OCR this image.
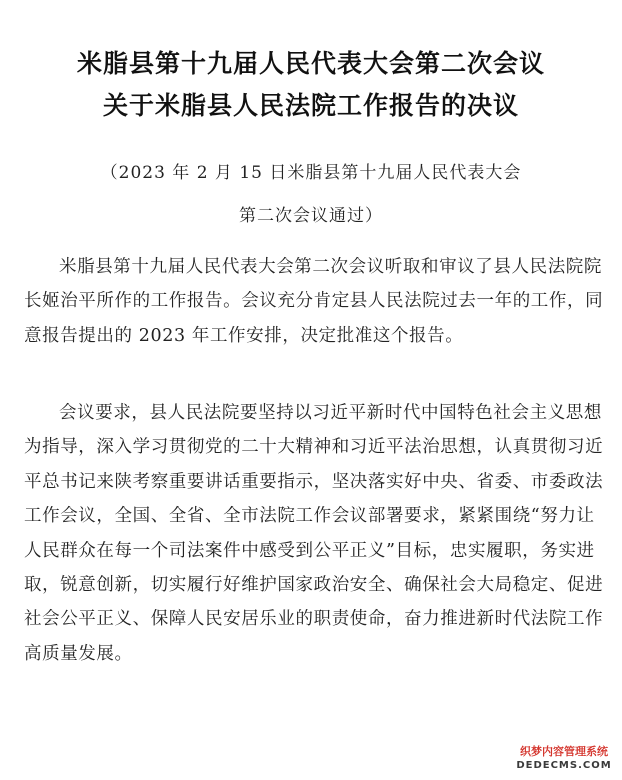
米脂县第十九届人民代表大会第二次会议
关于米脂县人民法院工作报告的决议
（2023 年 2 月 15 日米脂县第十九届人民代表大会
第二次会议通过）

米脂县第十九届人民代表大会第二次会议听取和审议了县人民法院院长姬治平所作的工作报告。会议充分肯定县人民法院过去一年的工作，同意报告提出的 2023 年工作安排，决定批准这个报告。

会议要求，县人民法院要坚持以习近平新时代中国特色社会主义思想为指导，深入学习贯彻党的二十大精神和习近平法治思想，认真贯彻习近平总书记来陕考察重要讲话重要指示，坚决落实好中央、省委、市委政法工作会议，全国、全省、全市法院工作会议部署要求，紧紧围绕“努力让人民群众在每一个司法案件中感受到公平正义”目标，忠实履职，务实进取，锐意创新，切实履行好维护国家政治安全、确保社会大局稳定、促进社会公平正义、保障人民安居乐业的职责使命，奋力推进新时代法院工作高质量发展。

织梦内容管理系统
DEDECMS.COM
